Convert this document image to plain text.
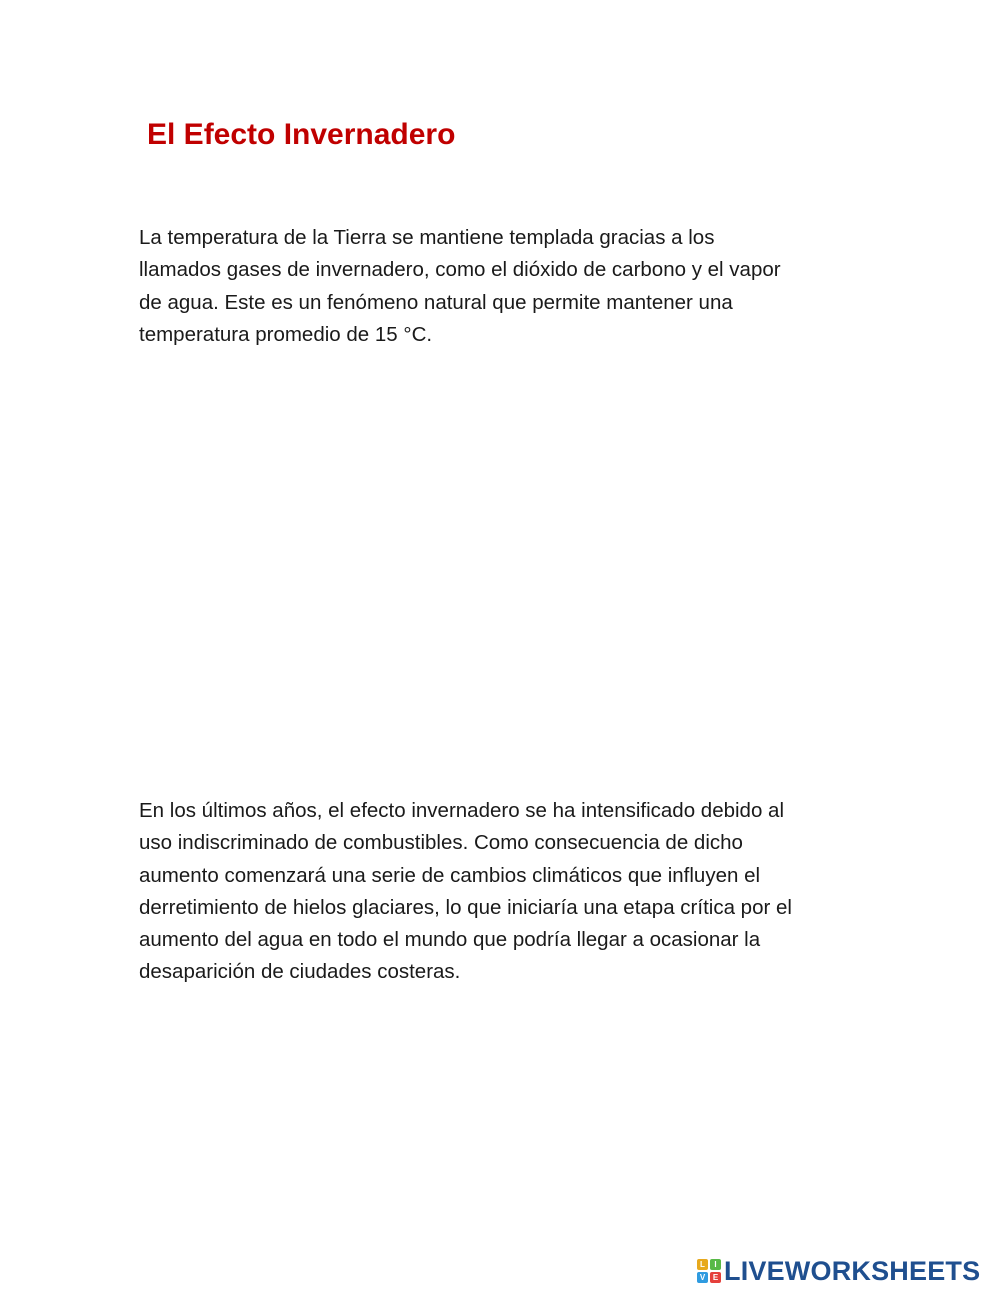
El Efecto Invernadero

La temperatura de la Tierra se mantiene templada gracias a los
llamados gases de invernadero, como el dióxido de carbono y el vapor
de agua. Este es un fenómeno natural que permite mantener una
temperatura promedio de 15 °C.

En los últimos años, el efecto invernadero se ha intensificado debido al
uso indiscriminado de combustibles. Como consecuencia de dicho
aumento comenzará una serie de cambios climáticos que influyen el
derretimiento de hielos glaciares, lo que iniciaría una etapa crítica por el
aumento del agua en todo el mundo que podría llegar a ocasionar la
desaparición de ciudades costeras.

L	I
V E LIVEWORKSHEETS
